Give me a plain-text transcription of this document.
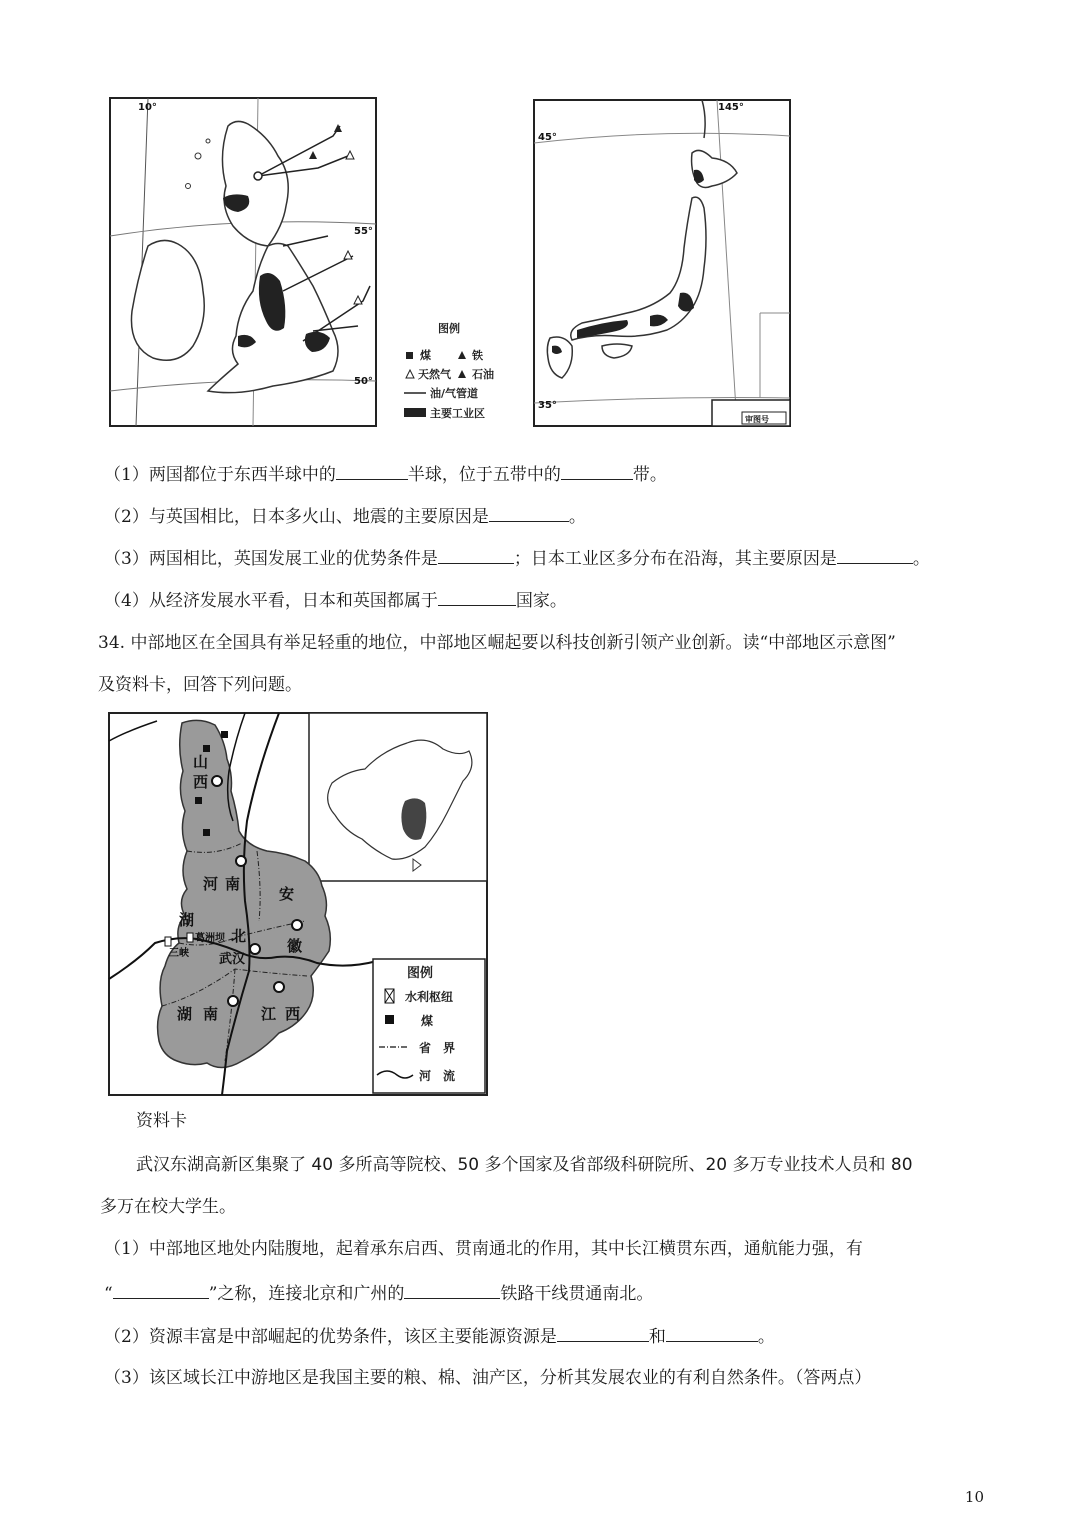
10°
55°
50°
图例
煤	铁
天然气 石油
油/气管道
主要工业区
145°
45°
35°
审图号
（1）两国都位于东西半球中的	半球，位于五带中的	带。
（2）与英国相比，日本多火山、地震的主要原因是	。
（3）两国相比，英国发展工业的优势条件是	；日本工业区多分布在沿海，其主要原因是	。
（4）从经济发展水平看，日本和英国都属于	国家。
34. 中部地区在全国具有举足轻重的地位，中部地区崛起要以科技创新引领产业创新。读“中部地区示意图”
及资料卡，回答下列问题。
山
西
河 南
安
徽
湖
北
葛洲坝
三峡 武汉
湖 南	江 西
图例
水利枢纽
煤
省　界
河　流
资料卡
武汉东湖高新区集聚了 40 多所高等院校、50 多个国家及省部级科研院所、20 多万专业技术人员和 80
多万在校大学生。
（1）中部地区地处内陆腹地，起着承东启西、贯南通北的作用，其中长江横贯东西，通航能力强，有
“	”之称，连接北京和广州的	铁路干线贯通南北。
（2）资源丰富是中部崛起的优势条件，该区主要能源资源是	和	。
（3）该区域长江中游地区是我国主要的粮、棉、油产区，分析其发展农业的有利自然条件。（答两点）
10
